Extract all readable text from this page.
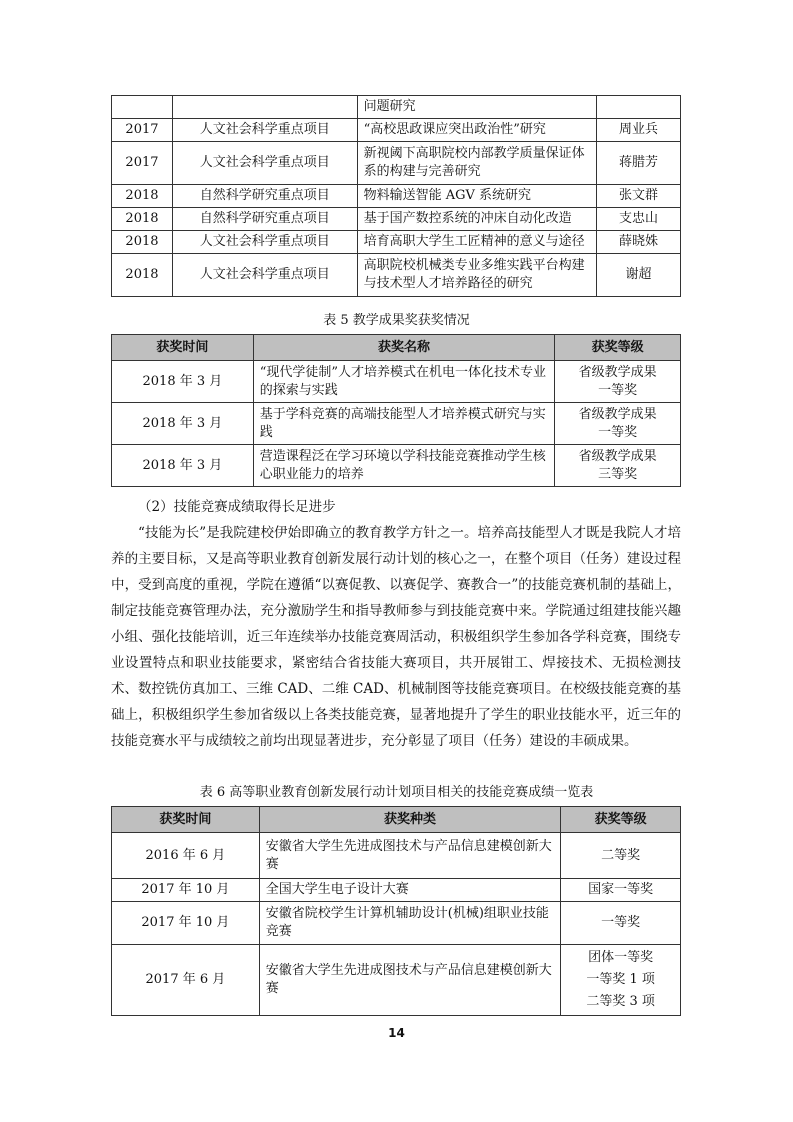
		问题研究	
2017	人文社会科学重点项目	“高校思政课应突出政治性”研究	周业兵
2017	人文社会科学重点项目	新视阈下高职院校内部教学质量保证体系的构建与完善研究	蒋腊芳
2018	自然科学研究重点项目	物料输送智能 AGV 系统研究	张文群
2018	自然科学研究重点项目	基于国产数控系统的冲床自动化改造	支忠山
2018	人文社会科学重点项目	培育高职大学生工匠精神的意义与途径	薛晓姝
2018	人文社会科学重点项目	高职院校机械类专业多维实践平台构建与技术型人才培养路径的研究	谢超
表 5 教学成果奖获奖情况
获奖时间	获奖名称	获奖等级
2018 年 3 月	“现代学徒制”人才培养模式在机电一体化技术专业的探索与实践	省级教学成果一等奖
2018 年 3 月	基于学科竞赛的高端技能型人才培养模式研究与实践	省级教学成果一等奖
2018 年 3 月	营造课程泛在学习环境以学科技能竞赛推动学生核心职业能力的培养	省级教学成果三等奖
（2）技能竞赛成绩取得长足进步

“技能为长”是我院建校伊始即确立的教育教学方针之一。培养高技能型人才既是我院人才培养的主要目标，又是高等职业教育创新发展行动计划的核心之一，在整个项目（任务）建设过程中，受到高度的重视，学院在遵循“以赛促教、以赛促学、赛教合一”的技能竞赛机制的基础上，制定技能竞赛管理办法，充分激励学生和指导教师参与到技能竞赛中来。学院通过组建技能兴趣小组、强化技能培训，近三年连续举办技能竞赛周活动，积极组织学生参加各学科竞赛，围绕专业设置特点和职业技能要求，紧密结合省技能大赛项目，共开展钳工、焊接技术、无损检测技术、数控铣仿真加工、三维 CAD、二维 CAD、机械制图等技能竞赛项目。在校级技能竞赛的基础上，积极组织学生参加省级以上各类技能竞赛，显著地提升了学生的职业技能水平，近三年的技能竞赛水平与成绩较之前均出现显著进步，充分彰显了项目（任务）建设的丰硕成果。

表 6 高等职业教育创新发展行动计划项目相关的技能竞赛成绩一览表
获奖时间	获奖种类	获奖等级
2016 年 6 月	安徽省大学生先进成图技术与产品信息建模创新大赛	二等奖
2017 年 10 月	全国大学生电子设计大赛	国家一等奖
2017 年 10 月	安徽省院校学生计算机辅助设计(机械)组职业技能竞赛	一等奖
2017 年 6 月	安徽省大学生先进成图技术与产品信息建模创新大赛	团体一等奖
一等奖 1 项
二等奖 3 项
14
